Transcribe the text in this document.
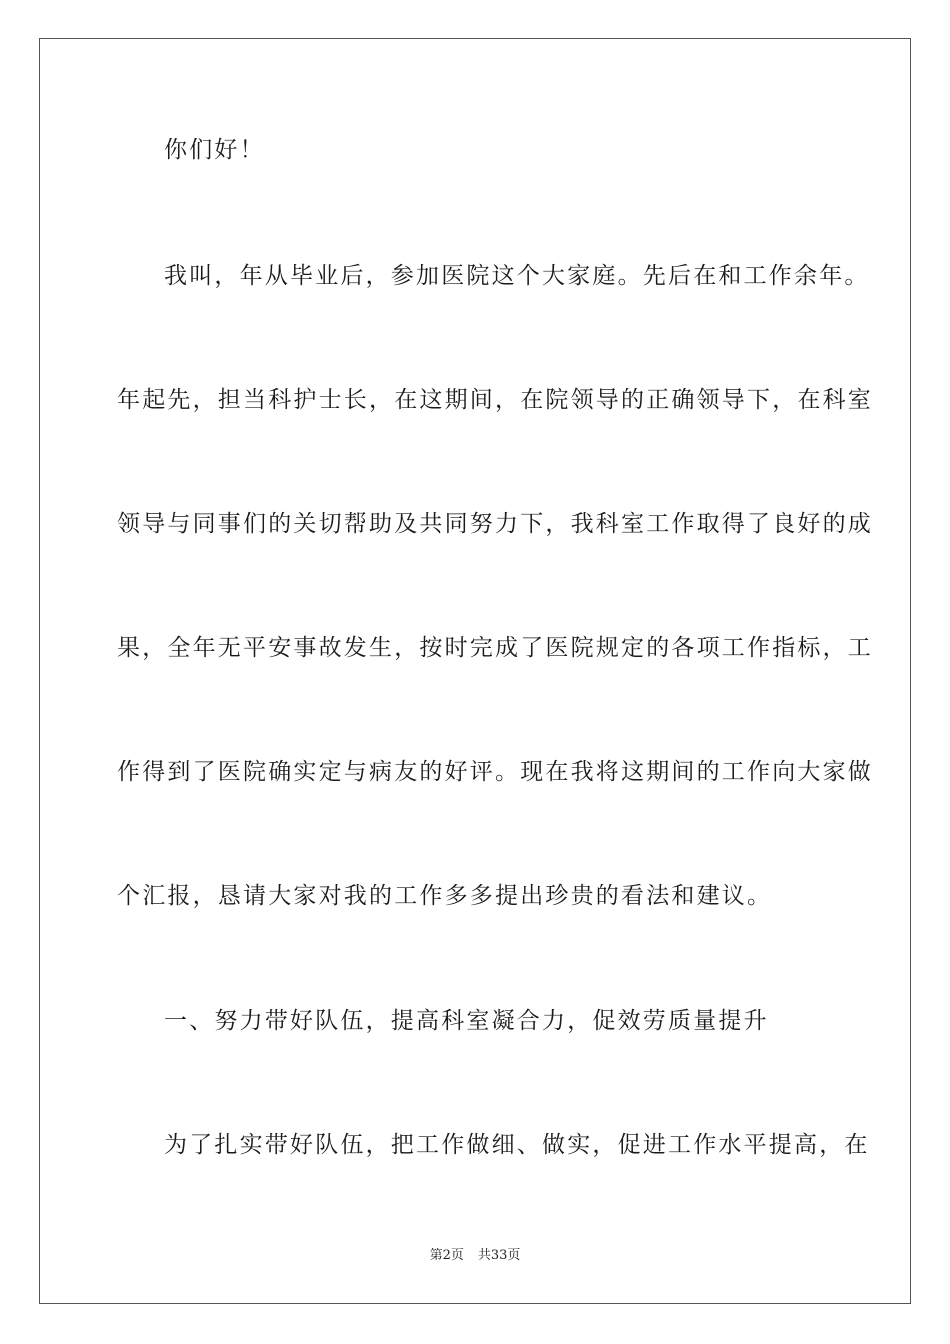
你们好！
我叫，年从毕业后，参加医院这个大家庭。先后在和工作余年。
年起先，担当科护士长，在这期间，在院领导的正确领导下，在科室
领导与同事们的关切帮助及共同努力下，我科室工作取得了良好的成
果，全年无平安事故发生，按时完成了医院规定的各项工作指标，工
作得到了医院确实定与病友的好评。现在我将这期间的工作向大家做
个汇报，恳请大家对我的工作多多提出珍贵的看法和建议。
一、努力带好队伍，提高科室凝合力，促效劳质量提升
为了扎实带好队伍，把工作做细、做实，促进工作水平提高，在
第2页 共33页
